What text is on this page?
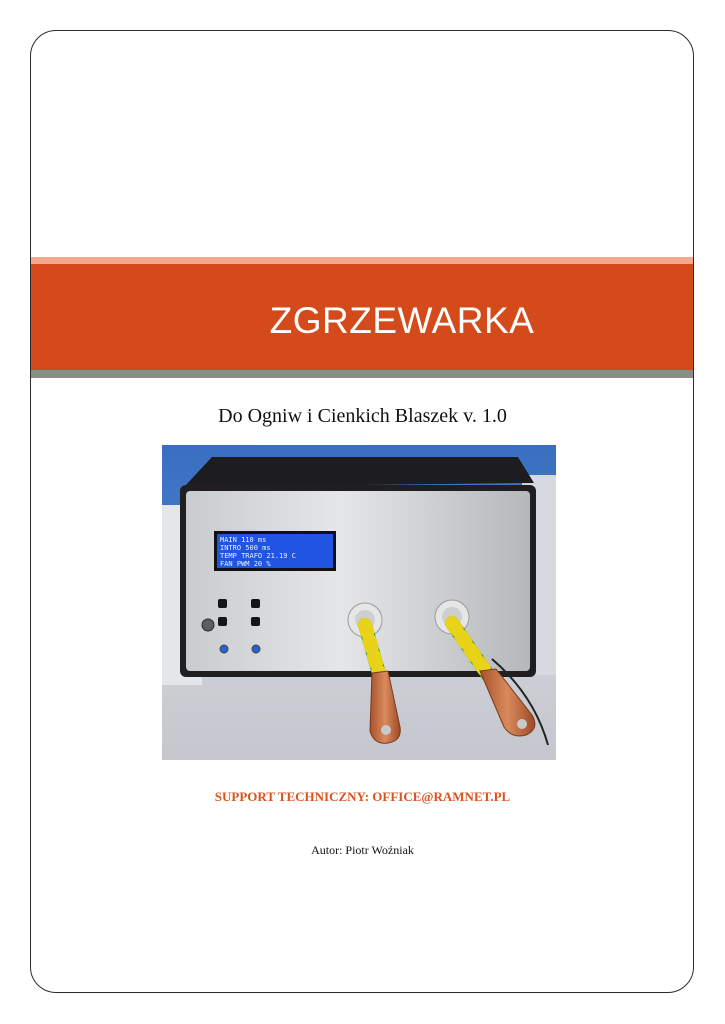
ZGRZEWARKA
Do Ogniw i Cienkich Blaszek v. 1.0
MAIN 110 ms
INTRO 500 ms
TEMP TRAFO 21.19 C
FAN PWM 20 %
SUPPORT TECHNICZNY: OFFICE@RAMNET.PL
Autor: Piotr Woźniak
